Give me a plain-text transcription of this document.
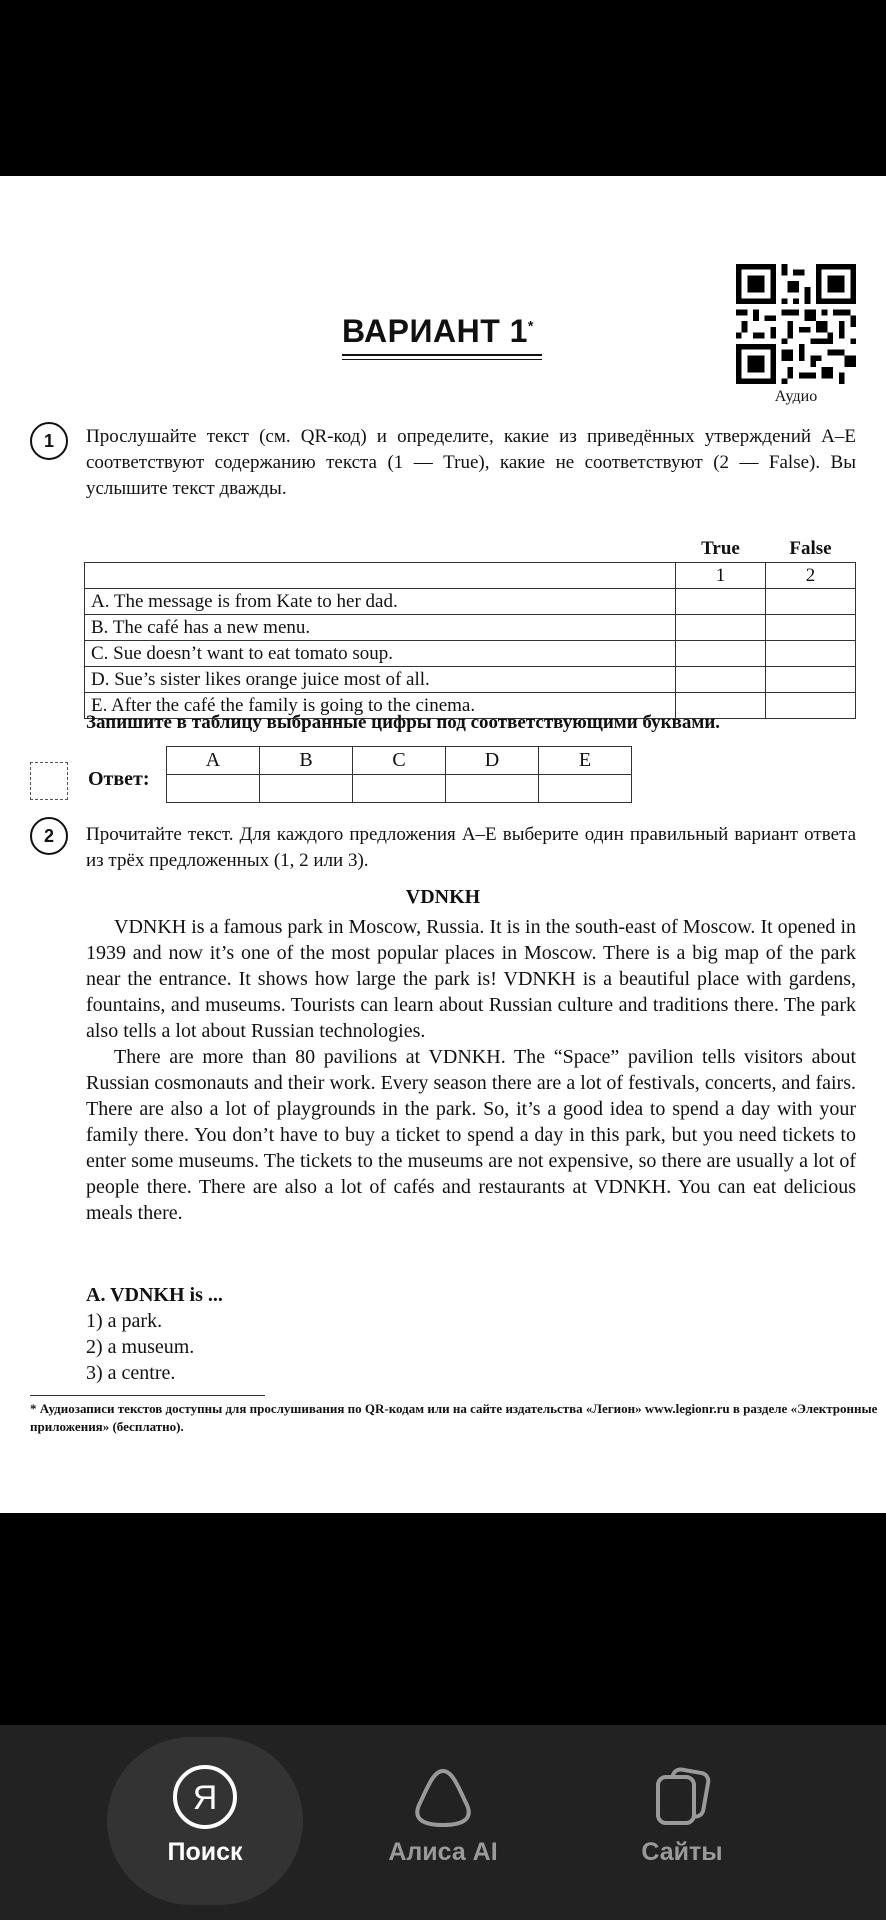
ВАРИАНТ 1*
Аудио
1	Прослушайте текст (см. QR-код) и определите, какие из приведённых утверждений А–Е соответствуют содержанию текста (1 — True), какие не соответствуют (2 — False). Вы услышите текст дважды.
	True	False
	1	2
A. The message is from Kate to her dad.		
B. The café has a new menu.		
C. Sue doesn’t want to eat tomato soup.		
D. Sue’s sister likes orange juice most of all.		
E. After the café the family is going to the cinema.		
Запишите в таблицу выбранные цифры под соответствующими буквами.
Ответ:
A	B	C	D	E

2	Прочитайте текст. Для каждого предложения А–Е выберите один правильный вариант ответа из трёх предложенных (1, 2 или 3).
VDNKH

VDNKH is a famous park in Moscow, Russia. It is in the south-east of Moscow. It opened in 1939 and now it’s one of the most popular places in Moscow. There is a big map of the park near the entrance. It shows how large the park is! VDNKH is a beautiful place with gardens, fountains, and museums. Tourists can learn about Russian culture and traditions there. The park also tells a lot about Russian technologies.

There are more than 80 pavilions at VDNKH. The “Space” pavilion tells visitors about Russian cosmonauts and their work. Every season there are a lot of festivals, concerts, and fairs. There are also a lot of playgrounds in the park. So, it’s a good idea to spend a day with your family there. You don’t have to buy a ticket to spend a day in this park, but you need tickets to enter some museums. The tickets to the museums are not expensive, so there are usually a lot of people there. There are also a lot of cafés and restaurants at VDNKH. You can eat delicious meals there.

A. VDNKH is ...
1) a park.
2) a museum.
3) a centre.
* Аудиозаписи текстов доступны для прослушивания по QR-кодам или на сайте издательства «Легион» www.legionr.ru в разделе «Электронные приложения» (бесплатно).
Я
Поиск	Алиса AI	Сайты
